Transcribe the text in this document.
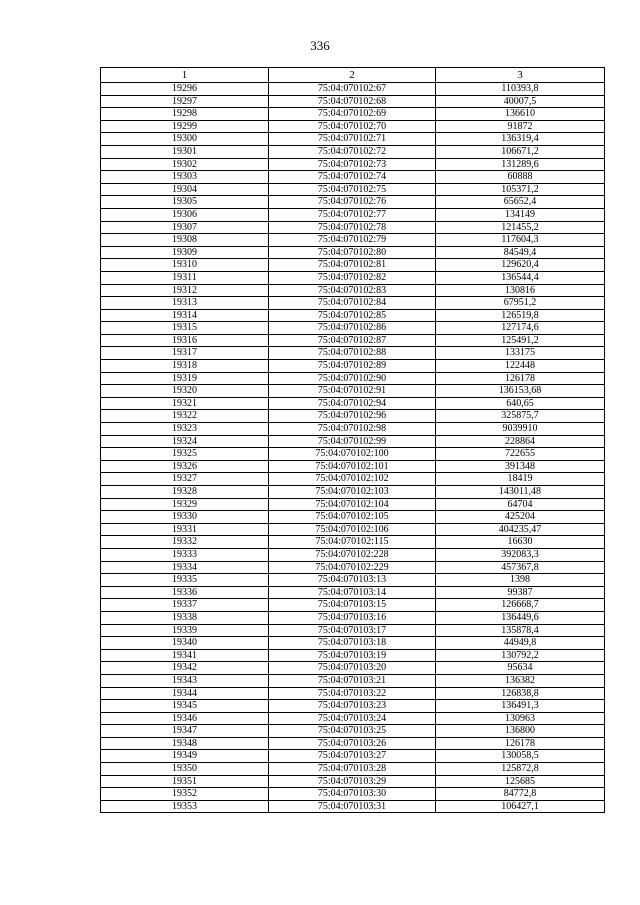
336
1	2	3
19296	75:04:070102:67	110393,8
19297	75:04:070102:68	40007,5
19298	75:04:070102:69	136610
19299	75:04:070102:70	91872
19300	75:04:070102:71	136319,4
19301	75:04:070102:72	106671,2
19302	75:04:070102:73	131289,6
19303	75:04:070102:74	60888
19304	75:04:070102:75	105371,2
19305	75:04:070102:76	65652,4
19306	75:04:070102:77	134149
19307	75:04:070102:78	121455,2
19308	75:04:070102:79	117604,3
19309	75:04:070102:80	84549,4
19310	75:04:070102:81	129620,4
19311	75:04:070102:82	136544,4
19312	75:04:070102:83	130816
19313	75:04:070102:84	67951,2
19314	75:04:070102:85	126519,8
19315	75:04:070102:86	127174,6
19316	75:04:070102:87	125491,2
19317	75:04:070102:88	133175
19318	75:04:070102:89	122448
19319	75:04:070102:90	126178
19320	75:04:070102:91	136153,68
19321	75:04:070102:94	640,65
19322	75:04:070102:96	325875,7
19323	75:04:070102:98	9039910
19324	75:04:070102:99	228864
19325	75:04:070102:100	722655
19326	75:04:070102:101	391348
19327	75:04:070102:102	18419
19328	75:04:070102:103	143011,48
19329	75:04:070102:104	64704
19330	75:04:070102:105	425204
19331	75:04:070102:106	404235,47
19332	75:04:070102:115	16630
19333	75:04:070102:228	392083,3
19334	75:04:070102:229	457367,8
19335	75:04:070103:13	1398
19336	75:04:070103:14	99387
19337	75:04:070103:15	126668,7
19338	75:04:070103:16	136449,6
19339	75:04:070103:17	135878,4
19340	75:04:070103:18	44949,8
19341	75:04:070103:19	130792,2
19342	75:04:070103:20	95634
19343	75:04:070103:21	136382
19344	75:04:070103:22	126838,8
19345	75:04:070103:23	136491,3
19346	75:04:070103:24	130963
19347	75:04:070103:25	136800
19348	75:04:070103:26	126178
19349	75:04:070103:27	130058,5
19350	75:04:070103:28	125872,8
19351	75:04:070103:29	125685
19352	75:04:070103:30	84772,8
19353	75:04:070103:31	106427,1
